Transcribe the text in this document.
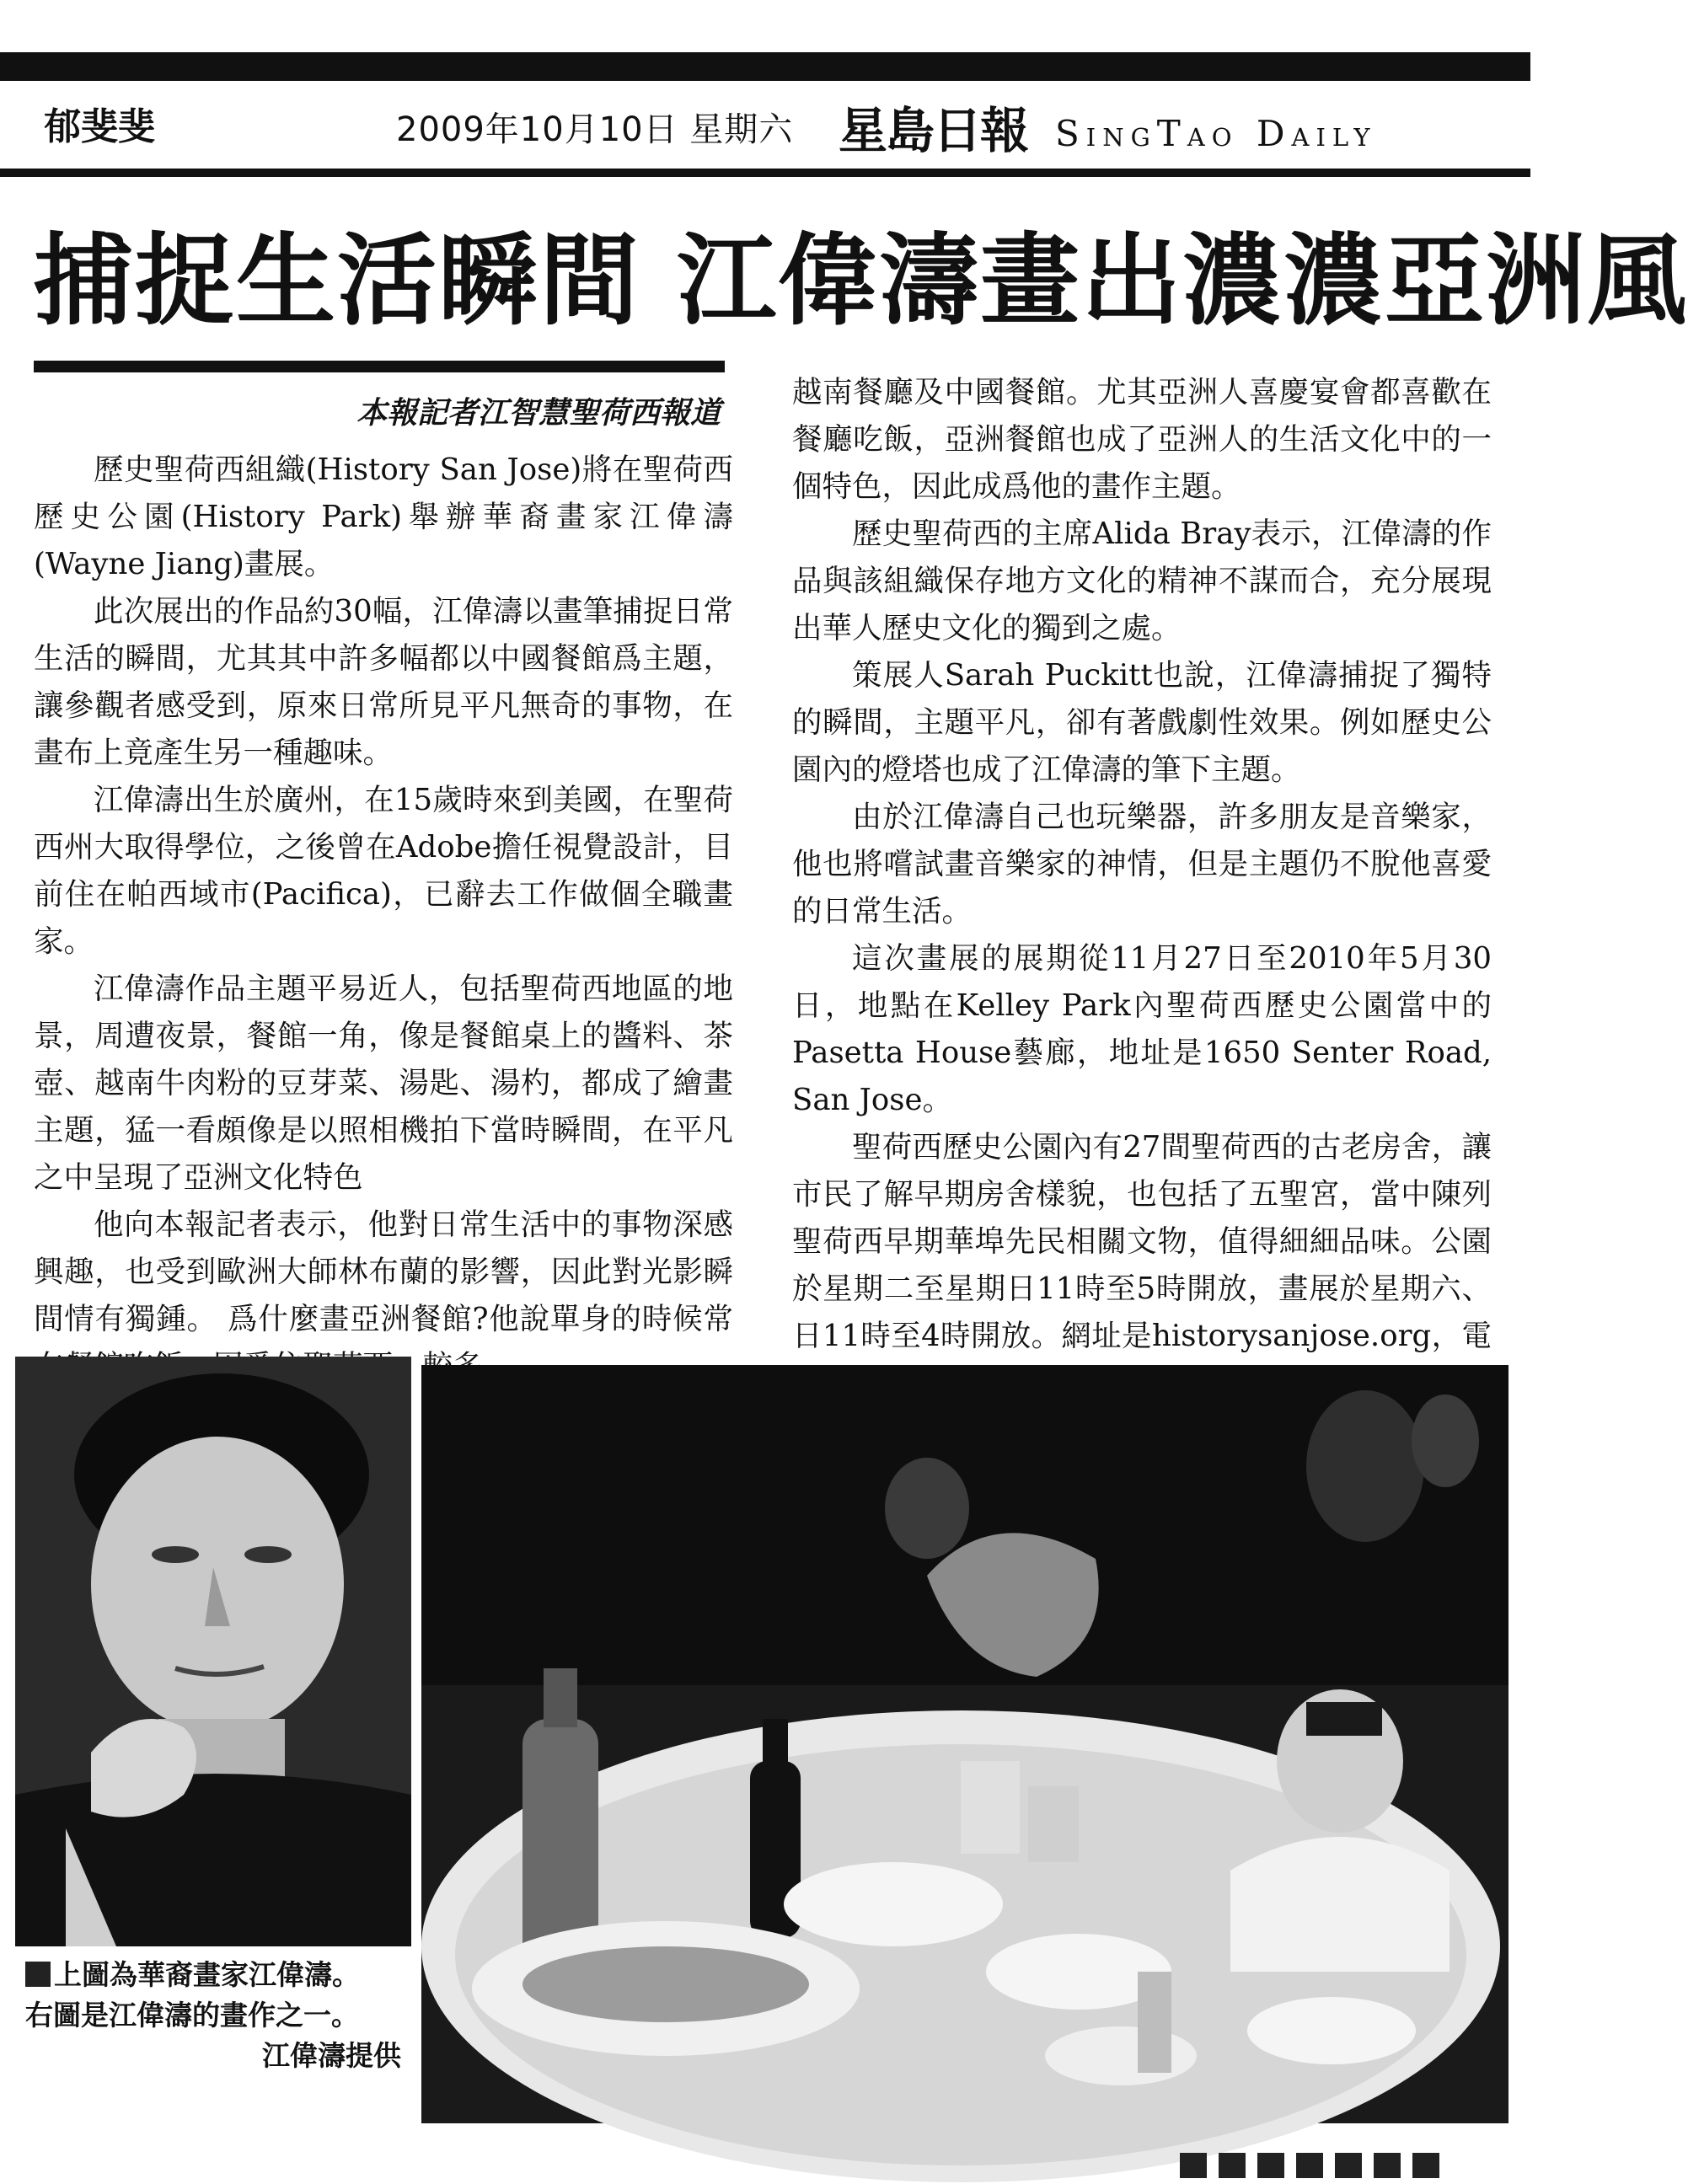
郁斐斐	2009年10月10日 星期六 星島日報 SingTao Daily
捕捉生活瞬間 江偉濤畫出濃濃亞洲風
本報記者江智慧聖荷西報道

歷史聖荷西組織(History San Jose)將在聖荷西歷史公園(History Park)舉辦華裔畫家江偉濤(Wayne Jiang)畫展。

此次展出的作品約30幅，江偉濤以畫筆捕捉日常生活的瞬間，尤其其中許多幅都以中國餐館爲主題，讓參觀者感受到，原來日常所見平凡無奇的事物，在畫布上竟產生另一種趣味。

江偉濤出生於廣州，在15歲時來到美國，在聖荷西州大取得學位，之後曾在Adobe擔任視覺設計，目前住在帕西域市(Pacifica)，已辭去工作做個全職畫家。

江偉濤作品主題平易近人，包括聖荷西地區的地景，周遭夜景，餐館一角，像是餐館桌上的醬料、茶壺、越南牛肉粉的豆芽菜、湯匙、湯杓，都成了繪畫主題，猛一看頗像是以照相機拍下當時瞬間，在平凡之中呈現了亞洲文化特色

他向本報記者表示，他對日常生活中的事物深感興趣，也受到歐洲大師林布蘭的影響，因此對光影瞬間情有獨鍾。 爲什麼畫亞洲餐館?他說單身的時候常

越南餐廳及中國餐館。尤其亞洲人喜慶宴會都喜歡在餐廳吃飯，亞洲餐館也成了亞洲人的生活文化中的一個特色，因此成爲他的畫作主題。

歷史聖荷西的主席Alida Bray表示，江偉濤的作品與該組織保存地方文化的精神不謀而合，充分展現出華人歷史文化的獨到之處。

策展人Sarah Puckitt也說，江偉濤捕捉了獨特的瞬間，主題平凡，卻有著戲劇性效果。例如歷史公園內的燈塔也成了江偉濤的筆下主題。

由於江偉濤自己也玩樂器，許多朋友是音樂家，他也將嚐試畫音樂家的神情，但是主題仍不脫他喜愛的日常生活。

這次畫展的展期從11月27日至2010年5月30日，地點在Kelley Park內聖荷西歷史公園當中的Pasetta House藝廊，地址是1650 Senter Road, San Jose。

聖荷西歷史公園內有27間聖荷西的古老房舍，讓市民了解早期房舍樣貌，也包括了五聖宮，當中陳列聖荷西早期華埠先民相關文物，值得細細品味。公園於星期二至星期日11時至5時開放，畫展於星期六、日11時至4時開放。網址是historysanjose.org，電

上圖為華裔畫家江偉濤。
右圖是江偉濤的畫作之一。
江偉濤提供
